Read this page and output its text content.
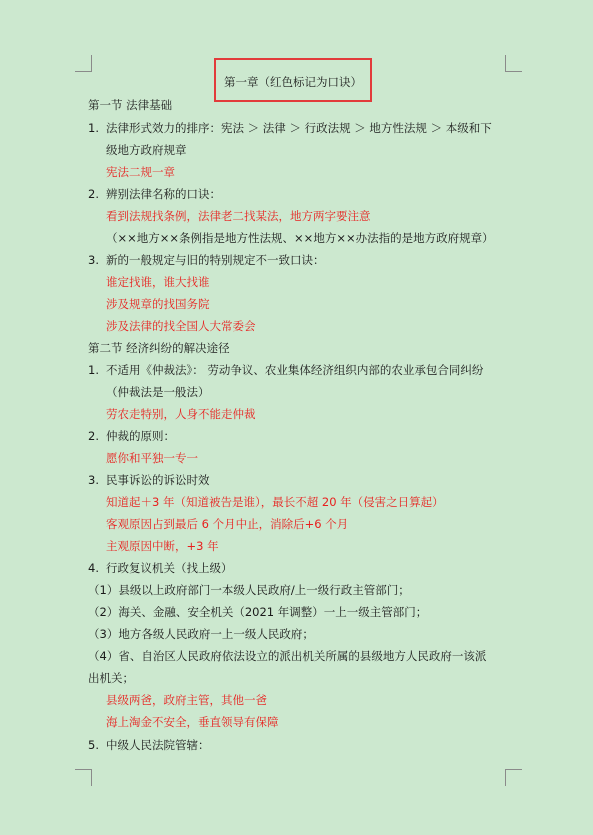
第一章（红色标记为口诀）
第一节 法律基础
1. 法律形式效力的排序：宪法 ＞ 法律 ＞ 行政法规 ＞ 地方性法规 ＞ 本级和下
级地方政府规章
宪法二规一章
2. 辨别法律名称的口诀：
看到法规找条例，法律老二找某法，地方两字要注意
（××地方××条例指是地方性法规、××地方××办法指的是地方政府规章）
3. 新的一般规定与旧的特别规定不一致口诀：
谁定找谁，谁大找谁
涉及规章的找国务院
涉及法律的找全国人大常委会
第二节 经济纠纷的解决途径
1. 不适用《仲裁法》： 劳动争议、农业集体经济组织内部的农业承包合同纠纷
（仲裁法是一般法）
劳农走特别，人身不能走仲裁
2. 仲裁的原则：
愿你和平独一专一
3. 民事诉讼的诉讼时效
知道起＋3 年（知道被告是谁），最长不超 20 年（侵害之日算起）
客观原因占到最后 6 个月中止，消除后+6 个月
主观原因中断，+3 年
4. 行政复议机关（找上级）
（1）县级以上政府部门一本级人民政府/上一级行政主管部门；
（2）海关、金融、安全机关（2021 年调整）一上一级主管部门；
（3）地方各级人民政府一上一级人民政府；
（4）省、自治区人民政府依法设立的派出机关所属的县级地方人民政府一该派
出机关；
县级两爸，政府主管，其他一爸
海上淘金不安全，垂直领导有保障
5. 中级人民法院管辖：
